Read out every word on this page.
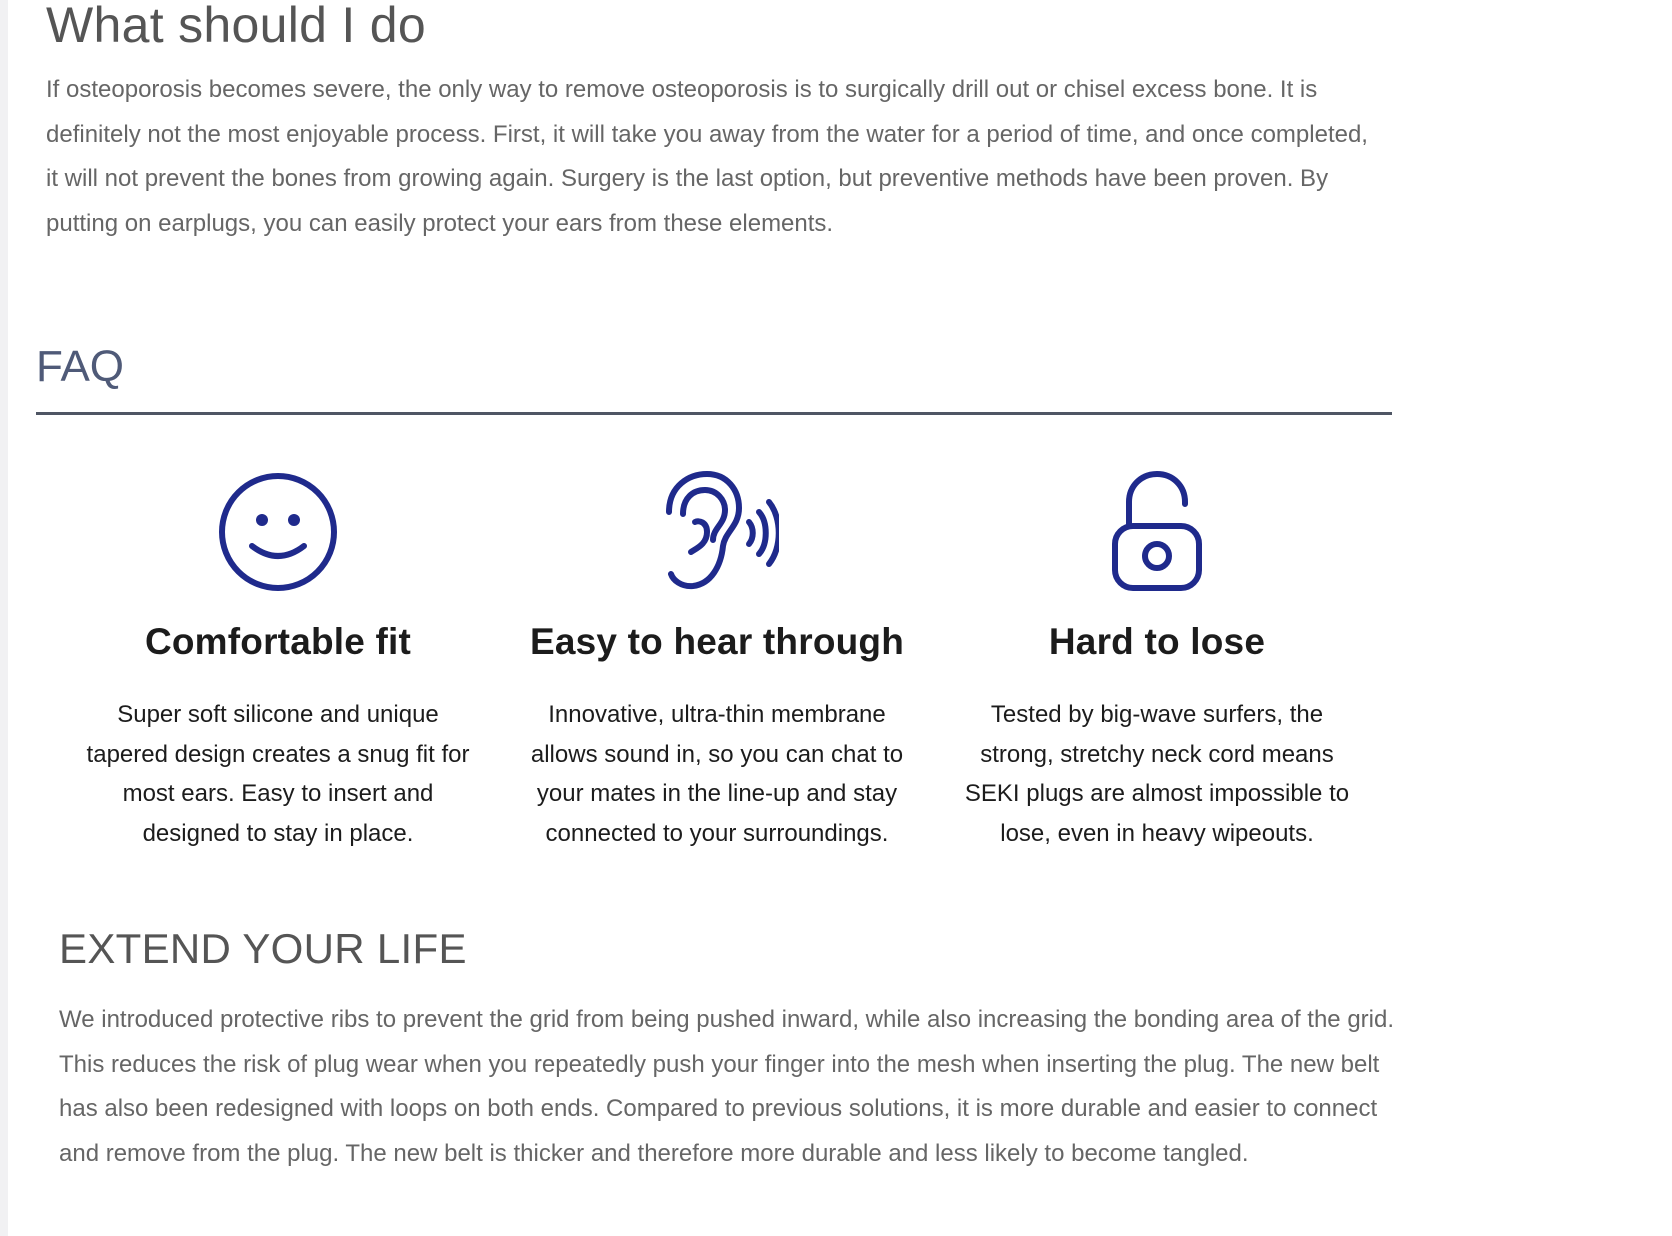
What should I do

If osteoporosis becomes severe, the only way to remove osteoporosis is to surgically drill out or chisel excess bone. It is definitely not the most enjoyable process. First, it will take you away from the water for a period of time, and once completed, it will not prevent the bones from growing again. Surgery is the last option, but preventive methods have been proven. By putting on earplugs, you can easily protect your ears from these elements.

FAQ
Comfortable fit

Super soft silicone and unique tapered design creates a snug fit for most ears. Easy to insert and designed to stay in place.

Easy to hear through

Innovative, ultra-thin membrane allows sound in, so you can chat to your mates in the line-up and stay connected to your surroundings.

Hard to lose

Tested by big-wave surfers, the strong, stretchy neck cord means SEKI plugs are almost impossible to lose, even in heavy wipeouts.

EXTEND YOUR LIFE

We introduced protective ribs to prevent the grid from being pushed inward, while also increasing the bonding area of the grid. This reduces the risk of plug wear when you repeatedly push your finger into the mesh when inserting the plug. The new belt has also been redesigned with loops on both ends. Compared to previous solutions, it is more durable and easier to connect and remove from the plug. The new belt is thicker and therefore more durable and less likely to become tangled.
